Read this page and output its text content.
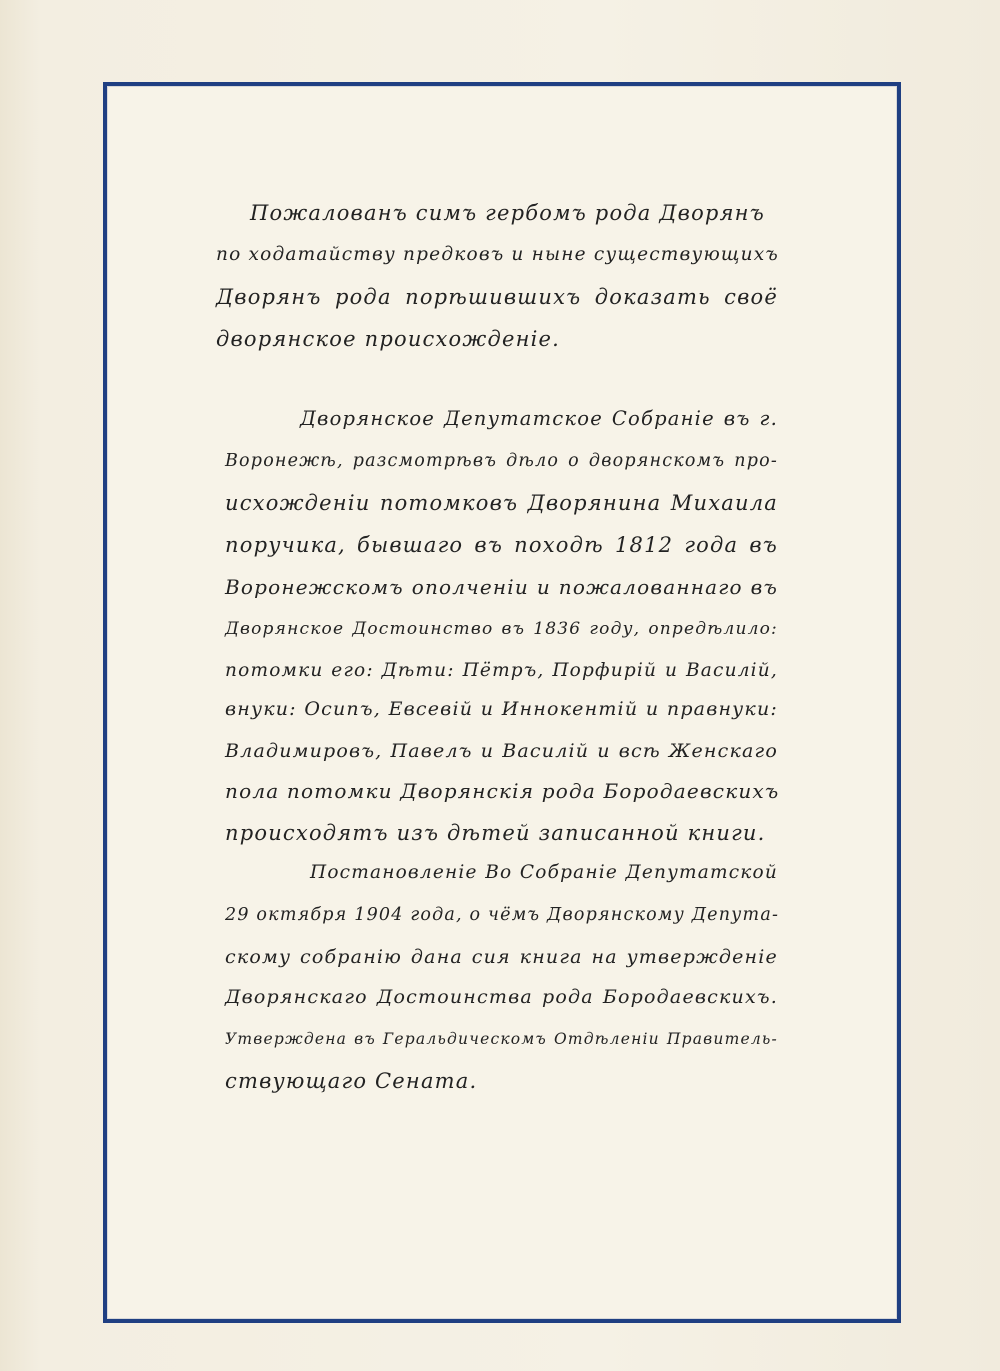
Пожалованъ симъ гербомъ рода Дворянъ
по ходатайству предковъ и ныне существующихъ
Дворянъ рода порѣшившихъ доказать своё
дворянское происхожденіе.
Дворянское Депутатское Собраніе въ г.
Воронежѣ, разсмотрѣвъ дѣло о дворянскомъ про-
исхожденіи потомковъ Дворянина Михаила
поручика, бывшаго въ походѣ 1812 года въ
Воронежскомъ ополченіи и пожалованнаго въ
Дворянское Достоинство въ 1836 году, опредѣлило:
потомки его: Дѣти: Пётръ, Порфирій и Василій,
внуки: Осипъ, Евсевій и Иннокентій и правнуки:
Владимировъ, Павелъ и Василій и всѣ Женскаго
пола потомки Дворянскія рода Бородаевскихъ
происходятъ изъ дѣтей записанной книги.
Постановленіе Во Собраніе Депутатской
29 октября 1904 года, о чёмъ Дворянскому Депута-
скому собранію дана сия книга на утвержденіе
Дворянскаго Достоинства рода Бородаевскихъ.
Утверждена въ Геральдическомъ Отдѣленіи Правитель-
ствующаго Сената.
